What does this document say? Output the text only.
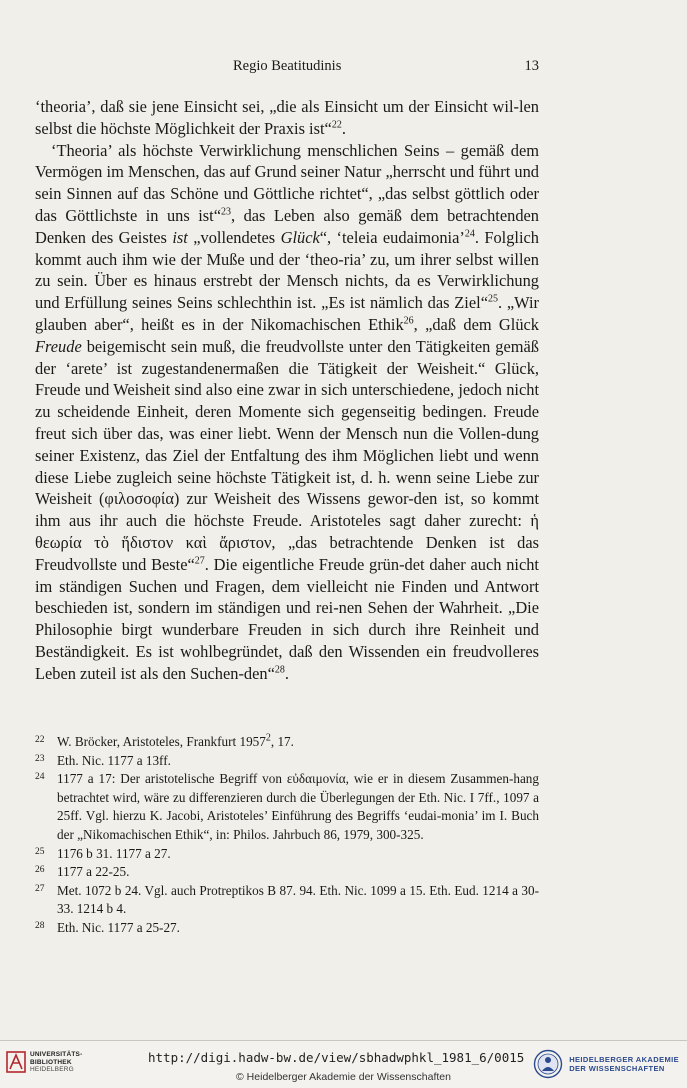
Regio Beatitudinis	13

‘theoria’, daß sie jene Einsicht sei, „die als Einsicht um der Einsicht wil-len selbst die höchste Möglichkeit der Praxis ist“$^{22}$.

‘Theoria’ als höchste Verwirklichung menschlichen Seins – gemäß dem Vermögen im Menschen, das auf Grund seiner Natur „herrscht und führt und sein Sinnen auf das Schöne und Göttliche richtet“, „das selbst göttlich oder das Göttlichste in uns ist“$^{23}$, das Leben also gemäß dem betrachtenden Denken des Geistes ist „vollendetes Glück“, ‘teleia eudaimonia’$^{24}$. Folglich kommt auch ihm wie der Muße und der ‘theo-ria’ zu, um ihrer selbst willen zu sein. Über es hinaus erstrebt der Mensch nichts, da es Verwirklichung und Erfüllung seines Seins schlechthin ist. „Es ist nämlich das Ziel“$^{25}$. „Wir glauben aber“, heißt es in der Nikomachischen Ethik$^{26}$, „daß dem Glück Freude beigemischt sein muß, die freudvollste unter den Tätigkeiten gemäß der ‘arete’ ist zugestandenermaßen die Tätigkeit der Weisheit.“ Glück, Freude und Weisheit sind also eine zwar in sich unterschiedene, jedoch nicht zu scheidende Einheit, deren Momente sich gegenseitig bedingen. Freude freut sich über das, was einer liebt. Wenn der Mensch nun die Vollen-dung seiner Existenz, das Ziel der Entfaltung des ihm Möglichen liebt und wenn diese Liebe zugleich seine höchste Tätigkeit ist, d. h. wenn seine Liebe zur Weisheit (φιλοσοφία) zur Weisheit des Wissens gewor-den ist, so kommt ihm aus ihr auch die höchste Freude. Aristoteles sagt daher zurecht: ἡ θεωρία τὸ ἥδιστον καὶ ἄριστον, „das betrachtende Denken ist das Freudvollste und Beste“$^{27}$. Die eigentliche Freude grün-det daher auch nicht im ständigen Suchen und Fragen, dem vielleicht nie Finden und Antwort beschieden ist, sondern im ständigen und rei-nen Sehen der Wahrheit. „Die Philosophie birgt wunderbare Freuden in sich durch ihre Reinheit und Beständigkeit. Es ist wohlbegründet, daß den Wissenden ein freudvolleres Leben zuteil ist als den Suchen-den“$^{28}$.

22 W. Bröcker, Aristoteles, Frankfurt 1957$^2$, 17.
23 Eth. Nic. 1177 a 13ff.
24 1177 a 17: Der aristotelische Begriff von εὐδαιμονία, wie er in diesem Zusammen-hang betrachtet wird, wäre zu differenzieren durch die Überlegungen der Eth. Nic. I 7ff., 1097 a 25ff. Vgl. hierzu K. Jacobi, Aristoteles’ Einführung des Begriffs ‘eudai-monia’ im I. Buch der „Nikomachischen Ethik“, in: Philos. Jahrbuch 86, 1979, 300-325.
25 1176 b 31. 1177 a 27.
26 1177 a 22-25.
27 Met. 1072 b 24. Vgl. auch Protreptikos B 87. 94. Eth. Nic. 1099 a 15. Eth. Eud. 1214 a 30-33. 1214 b 4.
28 Eth. Nic. 1177 a 25-27.
UNIVERSITÄTS-
BIBLIOTHEK
HEIDELBERG
http://digi.hadw-bw.de/view/sbhadwphkl_1981_6/0015
© Heidelberger Akademie der Wissenschaften
HEIDELBERGER AKADEMIE
DER WISSENSCHAFTEN
